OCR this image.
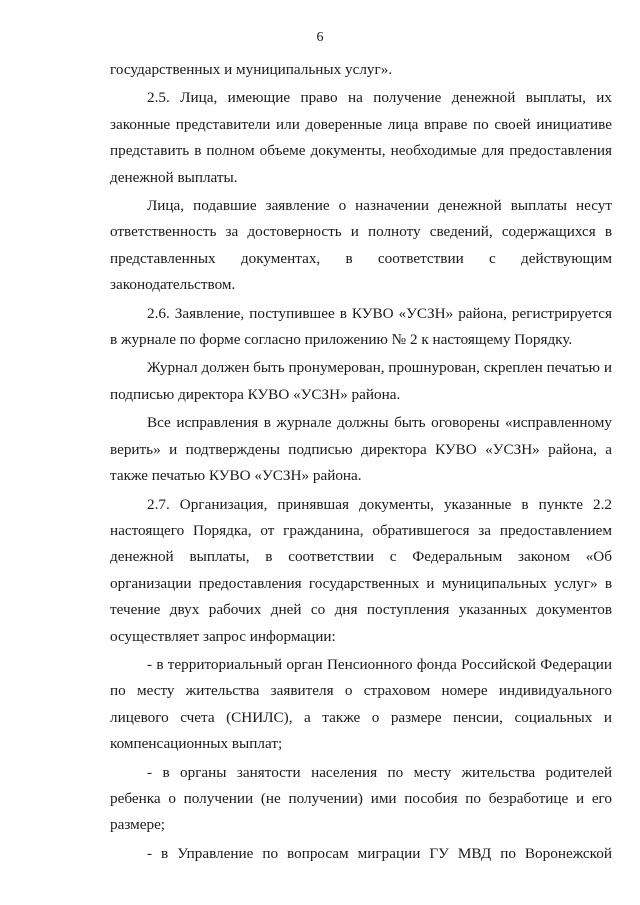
6

государственных и муниципальных услуг».

2.5. Лица, имеющие право на получение денежной выплаты, их законные представители или доверенные лица вправе по своей инициативе представить в полном объеме документы, необходимые для предоставления денежной выплаты.

Лица, подавшие заявление о назначении денежной выплаты несут ответственность за достоверность и полноту сведений, содержащихся в представленных документах, в соответствии с действующим законодательством.

2.6. Заявление, поступившее в КУВО «УСЗН» района, регистрируется в журнале по форме согласно приложению № 2 к настоящему Порядку.

Журнал должен быть пронумерован, прошнурован, скреплен печатью и подписью директора КУВО «УСЗН» района.

Все исправления в журнале должны быть оговорены «исправленному верить» и подтверждены подписью директора КУВО «УСЗН» района, а также печатью КУВО «УСЗН» района.

2.7. Организация, принявшая документы, указанные в пункте 2.2 настоящего Порядка, от гражданина, обратившегося за предоставлением денежной выплаты, в соответствии с Федеральным законом «Об организации предоставления государственных и муниципальных услуг» в течение двух рабочих дней со дня поступления указанных документов осуществляет запрос информации:

- в территориальный орган Пенсионного фонда Российской Федерации по месту жительства заявителя о страховом номере индивидуального лицевого счета (СНИЛС), а также о размере пенсии, социальных и компенсационных выплат;

- в органы занятости населения по месту жительства родителей ребенка о получении (не получении) ими пособия по безработице и его размере;

- в Управление по вопросам миграции ГУ МВД по Воронежской
